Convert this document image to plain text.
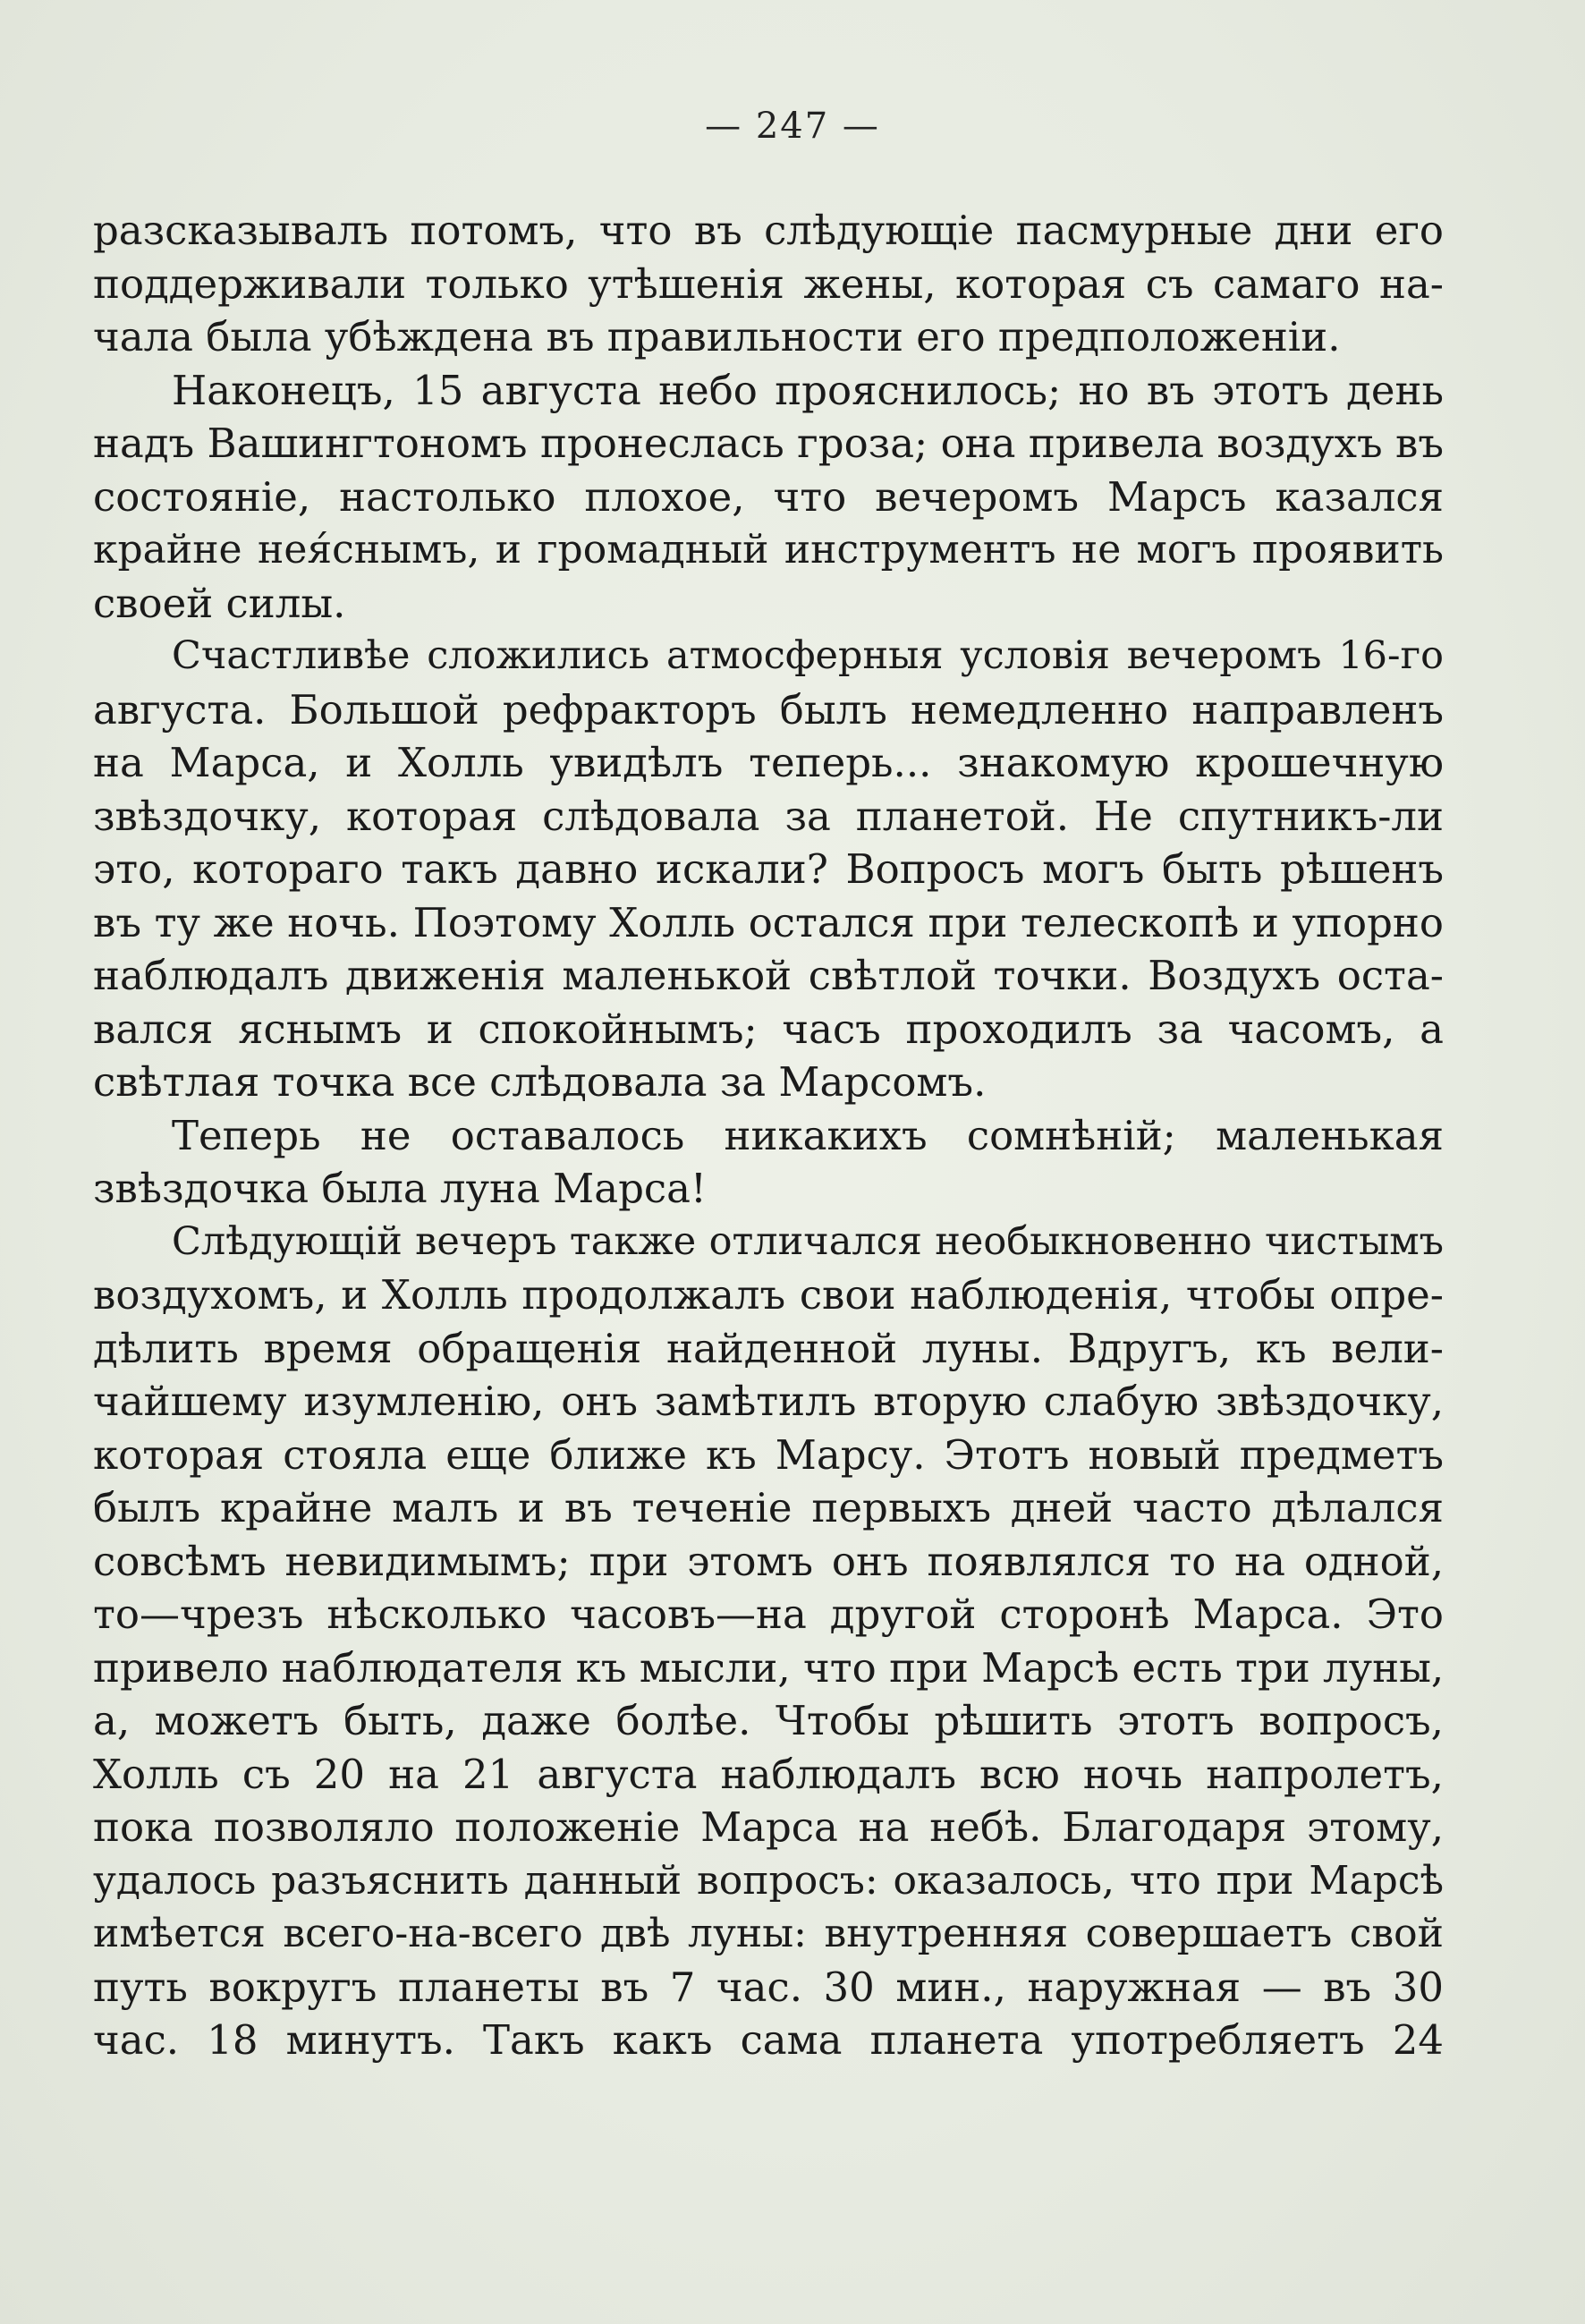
— 247 —
разсказывалъ потомъ, что въ слѣдующіе пасмурные дни его
поддерживали только утѣшенія жены, которая съ самаго на-
чала была убѣждена въ правильности его предположеніи.
Наконецъ, 15 августа небо прояснилось; но въ этотъ день
надъ Вашингтономъ пронеслась гроза; она привела воздухъ въ
состояніе, настолько плохое, что вечеромъ Марсъ казался
крайне нея́снымъ, и громадный инструментъ не могъ проявить
своей силы.
Счастливѣе сложились атмосферныя условія вечеромъ 16-го
августа. Большой рефракторъ былъ немедленно направленъ
на Марса, и Холль увидѣлъ теперь... знакомую крошечную
звѣздочку, которая слѣдовала за планетой. Не спутникъ-ли
это, котораго такъ давно искали? Вопросъ могъ быть рѣшенъ
въ ту же ночь. Поэтому Холль остался при телескопѣ и упорно
наблюдалъ движенія маленькой свѣтлой точки. Воздухъ оста-
вался яснымъ и спокойнымъ; часъ проходилъ за часомъ, а
свѣтлая точка все слѣдовала за Марсомъ.
Теперь не оставалось никакихъ сомнѣній; маленькая
звѣздочка была луна Марса!
Слѣдующій вечеръ также отличался необыкновенно чистымъ
воздухомъ, и Холль продолжалъ свои наблюденія, чтобы опре-
дѣлить время обращенія найденной луны. Вдругъ, къ вели-
чайшему изумленію, онъ замѣтилъ вторую слабую звѣздочку,
которая стояла еще ближе къ Марсу. Этотъ новый предметъ
былъ крайне малъ и въ теченіе первыхъ дней часто дѣлался
совсѣмъ невидимымъ; при этомъ онъ появлялся то на одной,
то—чрезъ нѣсколько часовъ—на другой сторонѣ Марса. Это
привело наблюдателя къ мысли, что при Марсѣ есть три луны,
а, можетъ быть, даже болѣе. Чтобы рѣшить этотъ вопросъ,
Холль съ 20 на 21 августа наблюдалъ всю ночь напролетъ,
пока позволяло положеніе Марса на небѣ. Благодаря этому,
удалось разъяснить данный вопросъ: оказалось, что при Марсѣ
имѣется всего-на-всего двѣ луны: внутренняя совершаетъ свой
путь вокругъ планеты въ 7 час. 30 мин., наружная — въ 30
час. 18 минутъ. Такъ какъ сама планета употребляетъ 24
